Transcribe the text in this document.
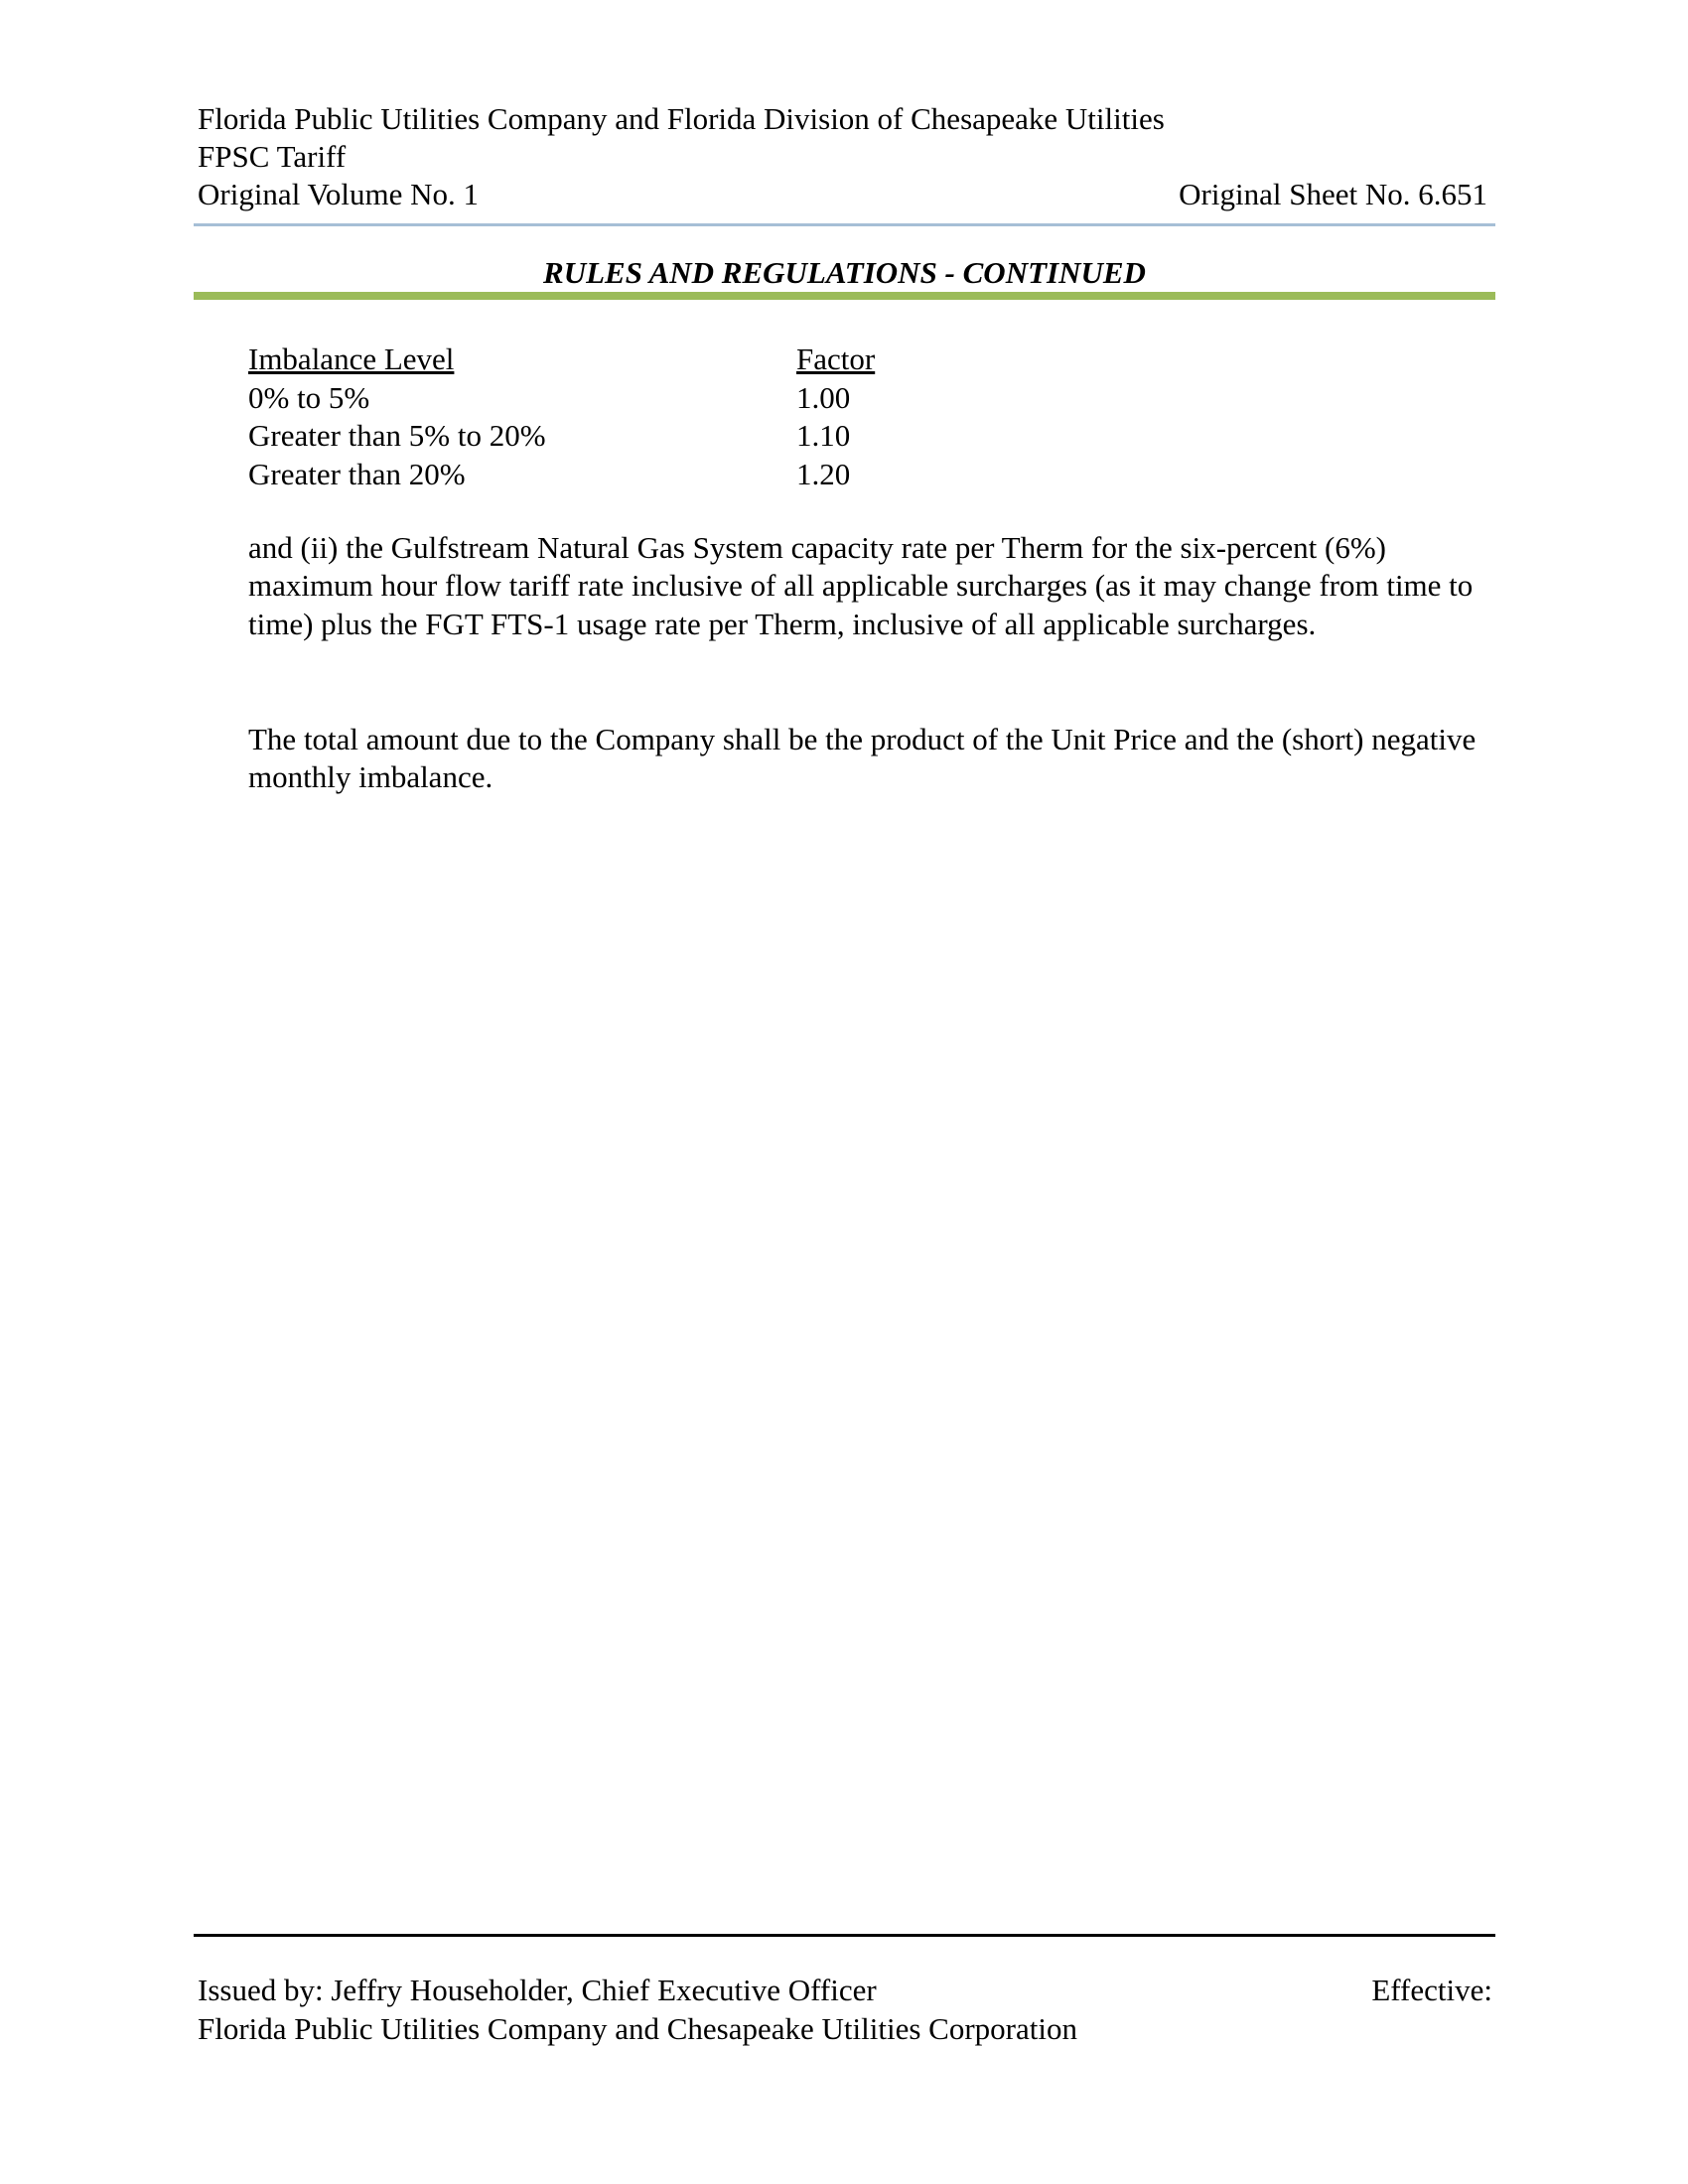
Florida Public Utilities Company and Florida Division of Chesapeake Utilities
FPSC Tariff
Original Volume No. 1	Original Sheet No. 6.651
RULES AND REGULATIONS - CONTINUED
Imbalance Level	Factor
0% to 5%	1.00
Greater than 5% to 20%	1.10
Greater than 20%	1.20
and (ii) the Gulfstream Natural Gas System capacity rate per Therm for the six-percent (6%) maximum hour flow tariff rate inclusive of all applicable surcharges (as it may change from time to time) plus the FGT FTS-1 usage rate per Therm, inclusive of all applicable surcharges.
The total amount due to the Company shall be the product of the Unit Price and the (short) negative monthly imbalance.
Issued by: Jeffry Householder, Chief Executive Officer	Effective:
Florida Public Utilities Company and Chesapeake Utilities Corporation
